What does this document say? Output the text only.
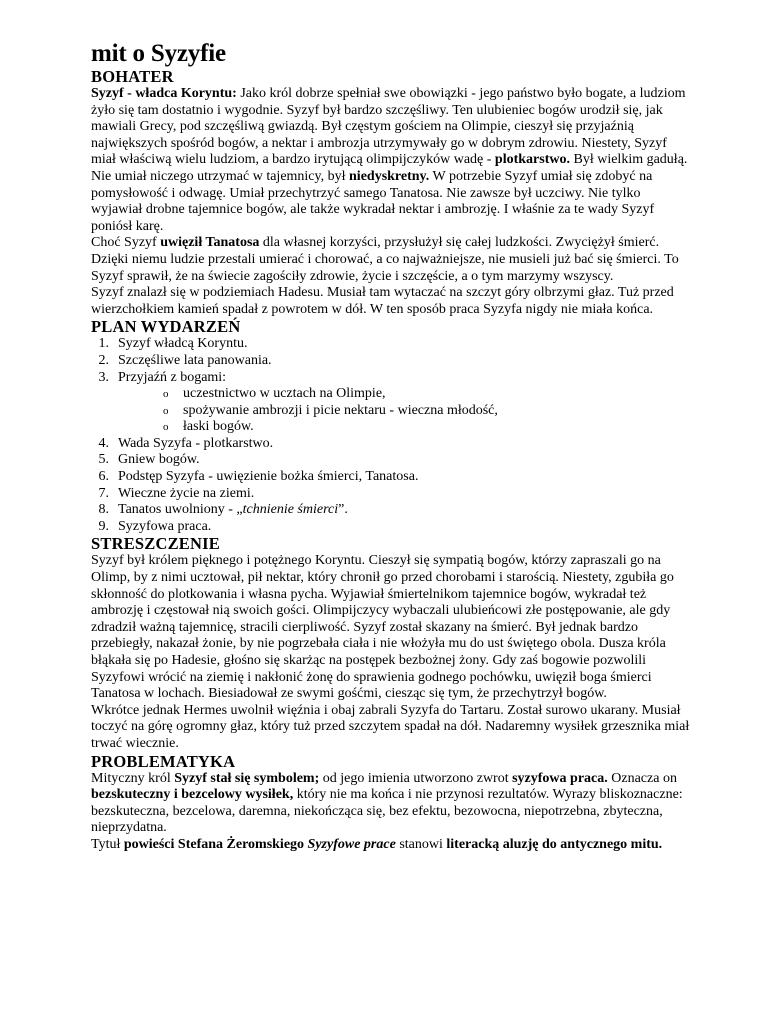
mit o Syzyfie
BOHATER

Syzyf - władca Koryntu: Jako król dobrze spełniał swe obowiązki - jego państwo było bogate, a ludziom żyło się tam dostatnio i wygodnie. Syzyf był bardzo szczęśliwy. Ten ulubieniec bogów urodził się, jak mawiali Grecy, pod szczęśliwą gwiazdą. Był częstym gościem na Olimpie, cieszył się przyjaźnią największych spośród bogów, a nektar i ambrozja utrzymywały go w dobrym zdrowiu. Niestety, Syzyf miał właściwą wielu ludziom, a bardzo irytującą olimpijczyków wadę - plotkarstwo. Był wielkim gadułą. Nie umiał niczego utrzymać w tajemnicy, był niedyskretny. W potrzebie Syzyf umiał się zdobyć na pomysłowość i odwagę. Umiał przechytrzyć samego Tanatosa. Nie zawsze był uczciwy. Nie tylko wyjawiał drobne tajemnice bogów, ale także wykradał nektar i ambrozję. I właśnie za te wady Syzyf poniósł karę.

Choć Syzyf uwięził Tanatosa dla własnej korzyści, przysłużył się całej ludzkości. Zwyciężył śmierć. Dzięki niemu ludzie przestali umierać i chorować, a co najważniejsze, nie musieli już bać się śmierci. To Syzyf sprawił, że na świecie zagościły zdrowie, życie i szczęście, a o tym marzymy wszyscy.

Syzyf znalazł się w podziemiach Hadesu. Musiał tam wytaczać na szczyt góry olbrzymi głaz. Tuż przed wierzchołkiem kamień spadał z powrotem w dół. W ten sposób praca Syzyfa nigdy nie miała końca.

PLAN WYDARZEŃ
1. Syzyf władcą Koryntu.
2. Szczęśliwe lata panowania.
3. Przyjaźń z bogami:
o uczestnictwo w ucztach na Olimpie,
o spożywanie ambrozji i picie nektaru - wieczna młodość,
o łaski bogów.
4. Wada Syzyfa - plotkarstwo.
5. Gniew bogów.
6. Podstęp Syzyfa - uwięzienie bożka śmierci, Tanatosa.
7. Wieczne życie na ziemi.
8. Tanatos uwolniony - „tchnienie śmierci”.
9. Syzyfowa praca.
STRESZCZENIE

Syzyf był królem pięknego i potężnego Koryntu. Cieszył się sympatią bogów, którzy zapraszali go na Olimp, by z nimi ucztował, pił nektar, który chronił go przed chorobami i starością. Niestety, zgubiła go skłonność do plotkowania i własna pycha. Wyjawiał śmiertelnikom tajemnice bogów, wykradał też ambrozję i częstował nią swoich gości. Olimpijczycy wybaczali ulubieńcowi złe postępowanie, ale gdy zdradził ważną tajemnicę, stracili cierpliwość. Syzyf został skazany na śmierć. Był jednak bardzo przebiegły, nakazał żonie, by nie pogrzebała ciała i nie włożyła mu do ust świętego obola. Dusza króla błąkała się po Hadesie, głośno się skarżąc na postępek bezbożnej żony. Gdy zaś bogowie pozwolili Syzyfowi wrócić na ziemię i nakłonić żonę do sprawienia godnego pochówku, uwięził boga śmierci Tanatosa w lochach. Biesiadował ze swymi gośćmi, ciesząc się tym, że przechytrzył bogów.

Wkrótce jednak Hermes uwolnił więźnia i obaj zabrali Syzyfa do Tartaru. Został surowo ukarany. Musiał toczyć na górę ogromny głaz, który tuż przed szczytem spadał na dół. Nadaremny wysiłek grzesznika miał trwać wiecznie.

PROBLEMATYKA

Mityczny król Syzyf stał się symbolem; od jego imienia utworzono zwrot syzyfowa praca. Oznacza on bezskuteczny i bezcelowy wysiłek, który nie ma końca i nie przynosi rezultatów. Wyrazy bliskoznaczne: bezskuteczna, bezcelowa, daremna, niekończąca się, bez efektu, bezowocna, niepotrzebna, zbyteczna, nieprzydatna.

Tytuł powieści Stefana Żeromskiego Syzyfowe prace stanowi literacką aluzję do antycznego mitu.
